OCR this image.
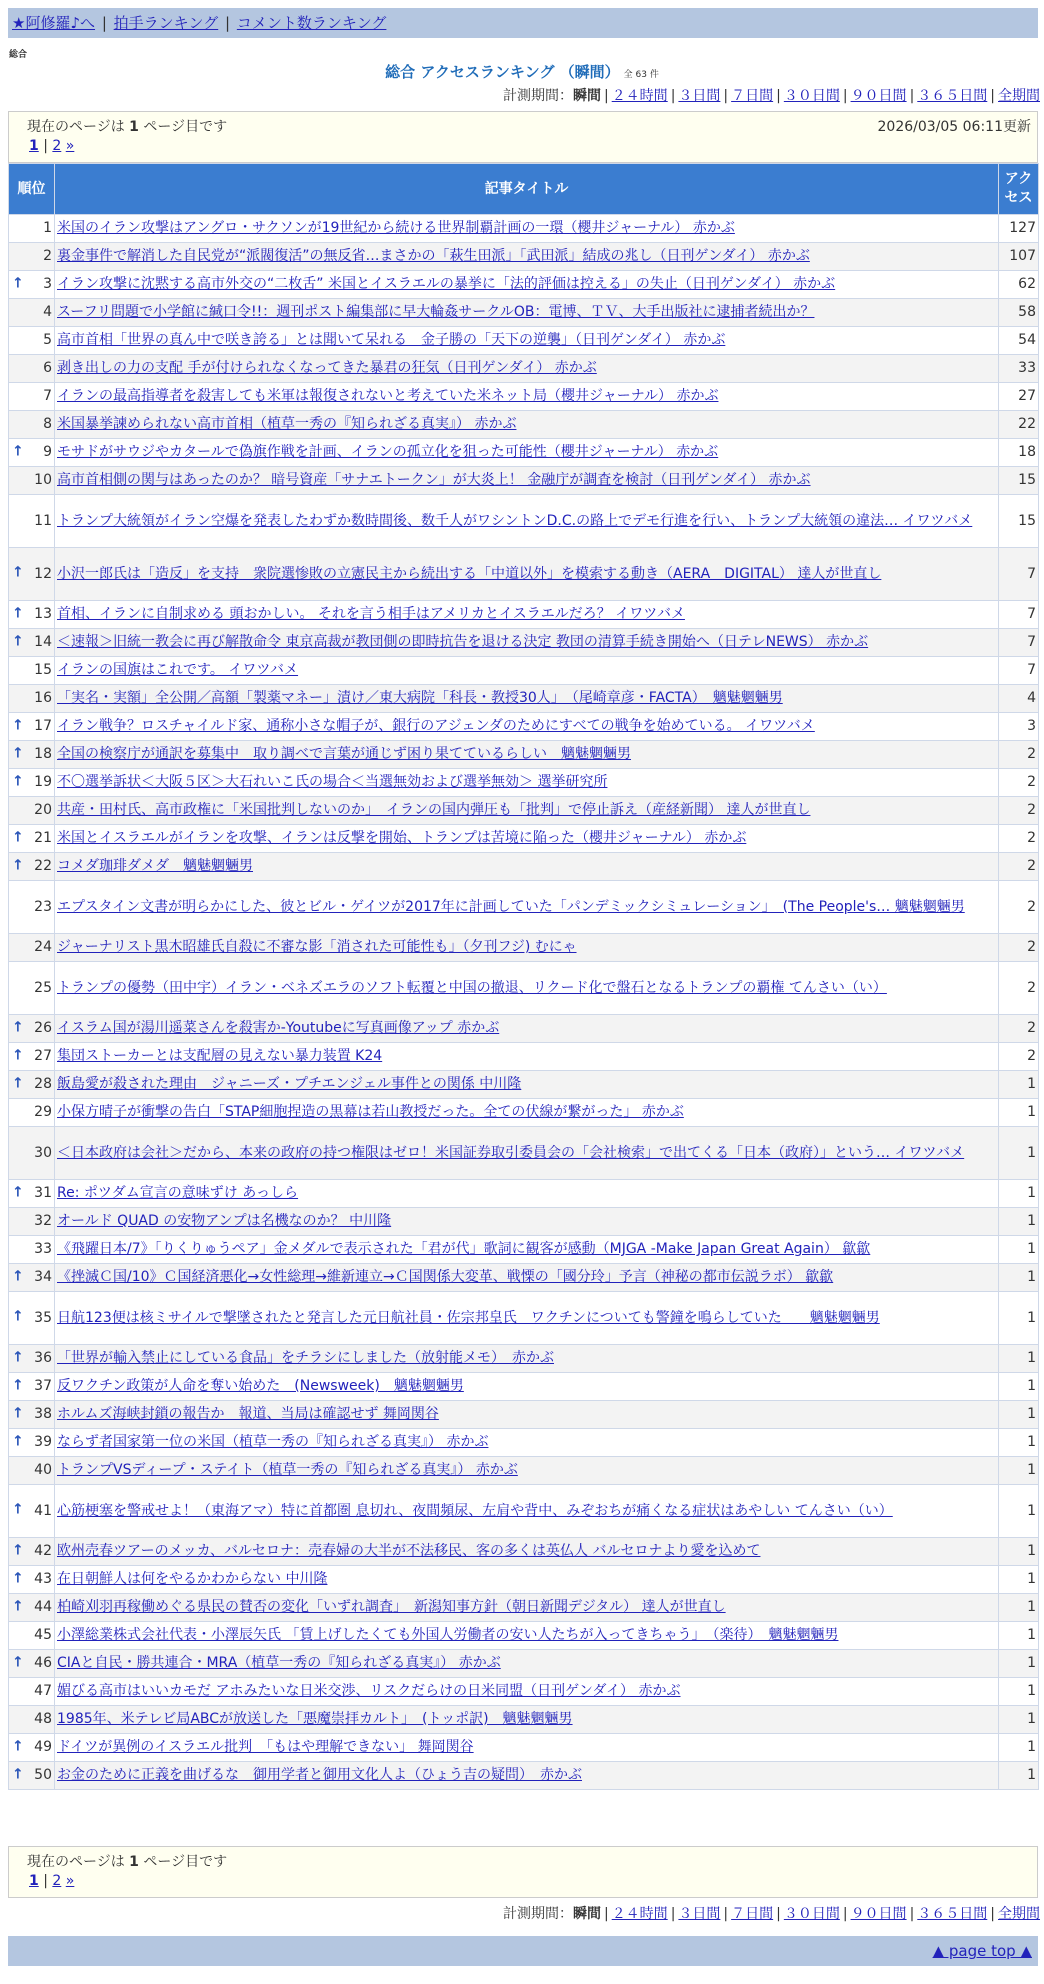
★阿修羅♪へ | 拍手ランキング | コメント数ランキング
総合
総合 アクセスランキング （瞬間） 全 63 件
計測期間：瞬間 | ２４時間 | ３日間 | ７日間 | ３０日間 | ９０日間 | ３６５日間 | 全期間
現在のページは 1 ページ目です	2026/03/05 06:11更新
1 | 2 »
順位	記事タイトル	アクセス
1	米国のイラン攻撃はアングロ・サクソンが19世紀から続ける世界制覇計画の一環（櫻井ジャーナル） 赤かぶ	127
2	裏金事件で解消した自民党が“派閥復活”の無反省…まさかの「萩生田派」「武田派」結成の兆し（日刊ゲンダイ） 赤かぶ	107

↑ 3	イラン攻撃に沈黙する高市外交の“二枚舌” 米国とイスラエルの暴挙に「法的評価は控える」の失止（日刊ゲンダイ） 赤かぶ	62
4	スーフリ問題で小学館に緘口令!!：週刊ポスト編集部に早大輪姦サークルOB：電博、ＴＶ、大手出版社に逮捕者続出か？	58
5	高市首相「世界の真ん中で咲き誇る」とは聞いて呆れる　金子勝の「天下の逆襲」（日刊ゲンダイ） 赤かぶ	54
6	剥き出しの力の支配 手が付けられなくなってきた暴君の狂気（日刊ゲンダイ） 赤かぶ	33
7	イランの最高指導者を殺害しても米軍は報復されないと考えていた米ネット局（櫻井ジャーナル） 赤かぶ	27
8	米国暴挙諫められない高市首相（植草一秀の『知られざる真実』） 赤かぶ	22

↑ 9	モサドがサウジやカタールで偽旗作戦を計画、イランの孤立化を狙った可能性（櫻井ジャーナル） 赤かぶ	18
10	高市首相側の関与はあったのか？ 暗号資産「サナエトークン」が大炎上！ 金融庁が調査を検討（日刊ゲンダイ） 赤かぶ	15
11	トランプ大統領がイラン空爆を発表したわずか数時間後、数千人がワシントンD.C.の路上でデモ行進を行い、トランプ大統領の違法… イワツバメ	15

↑ 12	小沢一郎氏は「造反」を支持　衆院選惨敗の立憲民主から続出する「中道以外」を模索する動き（AERA　DIGITAL） 達人が世直し	7

↑ 13	首相、イランに自制求める 頭おかしい。 それを言う相手はアメリカとイスラエルだろ？ イワツバメ	7

↑ 14	＜速報＞旧統一教会に再び解散命令 東京高裁が教団側の即時抗告を退ける決定 教団の清算手続き開始へ（日テレNEWS） 赤かぶ	7
15	イランの国旗はこれです。 イワツバメ	7
16	「実名・実額」全公開／高額「製薬マネー」漬け／東大病院「科長・教授30人」　（尾崎章彦・FACTA）　魑魅魍魎男	4

↑ 17	イラン戦争？ロスチャイルド家、通称小さな帽子が、銀行のアジェンダのためにすべての戦争を始めている。 イワツバメ	3

↑ 18	全国の検察庁が通訳を募集中　取り調べで言葉が通じず困り果てているらしい　魑魅魍魎男	2

↑ 19	不〇選挙訴状＜大阪５区＞大石れいこ氏の場合＜当選無効および選挙無効＞ 選挙研究所	2
20	共産・田村氏、高市政権に「米国批判しないのか」　イランの国内弾圧も「批判」で停止訴え（産経新聞） 達人が世直し	2

↑ 21	米国とイスラエルがイランを攻撃、イランは反撃を開始、トランプは苦境に陥った（櫻井ジャーナル） 赤かぶ	2

↑ 22	コメダ珈琲ダメダ　魑魅魍魎男	2
23	エプスタイン文書が明らかにした、彼とビル・ゲイツが2017年に計画していた「パンデミックシミュレーション」　(The People's… 魑魅魍魎男	2
24	ジャーナリスト黒木昭雄氏自殺に不審な影「消された可能性も」（夕刊フジ) むにゃ	2
25	トランプの優勢（田中宇）イラン・ベネズエラのソフト転覆と中国の撤退、リクード化で盤石となるトランプの覇権 てんさい（い）	2

↑ 26	イスラム国が湯川遥菜さんを殺害か-Youtubeに写真画像アップ 赤かぶ	2

↑ 27	集団ストーカーとは支配層の見えない暴力装置 K24	2

↑ 28	飯島愛が殺された理由　ジャニーズ・プチエンジェル事件との関係 中川隆	1
29	小保方晴子が衝撃の告白「STAP細胞捏造の黒幕は若山教授だった。全ての伏線が繋がった」 赤かぶ	1
30	＜日本政府は会社＞だから、本来の政府の持つ権限はゼロ！米国証券取引委員会の「会社検索」で出てくる「日本（政府）」という… イワツバメ	1

↑ 31	Re: ポツダム宣言の意味ずけ あっしら	1
32	オールド QUAD の安物アンプは名機なのか？ 中川隆	1
33	《飛躍日本/7》「りくりゅうペア」金メダルで表示された「君が代」歌詞に観客が感動（MJGA -Make Japan Great Again） 歙歙	1

↑ 34	《挫滅Ｃ国/10》Ｃ国経済悪化→女性総理→維新連立→Ｃ国関係大変革、戦慄の「國分玲」予言（神秘の都市伝説ラボ） 歙歙	1

↑ 35	日航123便は核ミサイルで撃墜されたと発言した元日航社員・佐宗邦皇氏　ワクチンについても警鐘を鳴らしていた　　魑魅魍魎男	1

↑ 36	「世界が輸入禁止にしている食品」をチラシにしました（放射能メモ）　赤かぶ	1

↑ 37	反ワクチン政策が人命を奪い始めた　(Newsweek)　魑魅魍魎男	1

↑ 38	ホルムズ海峡封鎖の報告か　報道、当局は確認せず 舞岡関谷	1

↑ 39	ならず者国家第一位の米国（植草一秀の『知られざる真実』） 赤かぶ	1
40	トランプVSディープ・ステイト（植草一秀の『知られざる真実』） 赤かぶ	1

↑ 41	心筋梗塞を警戒せよ！（東海アマ）特に首都圏 息切れ、夜間頻尿、左肩や背中、みぞおちが痛くなる症状はあやしい てんさい（い）	1

↑ 42	欧州売春ツアーのメッカ、バルセロナ：売春婦の大半が不法移民、客の多くは英仏人 バルセロナより愛を込めて	1

↑ 43	在日朝鮮人は何をやるかわからない 中川隆	1

↑ 44	柏崎刈羽再稼働めぐる県民の賛否の変化「いずれ調査」　新潟知事方針（朝日新聞デジタル） 達人が世直し	1
45	小澤総業株式会社代表・小澤辰矢氏 「賃上げしたくても外国人労働者の安い人たちが入ってきちゃう」　（楽待）　魑魅魍魎男	1

↑ 46	CIAと自民・勝共連合・MRA（植草一秀の『知られざる真実』） 赤かぶ	1
47	媚びる高市はいいカモだ アホみたいな日米交渉、リスクだらけの日米同盟（日刊ゲンダイ） 赤かぶ	1
48	1985年、米テレビ局ABCが放送した「悪魔崇拝カルト」　(トッポ訳)　魑魅魍魎男	1

↑ 49	ドイツが異例のイスラエル批判　「もはや理解できない」 舞岡関谷	1

↑ 50	お金のために正義を曲げるな　御用学者と御用文化人よ（ひょう吉の疑問）　赤かぶ	1
現在のページは 1 ページ目です
1 | 2 »
計測期間：瞬間 | ２４時間 | ３日間 | ７日間 | ３０日間 | ９０日間 | ３６５日間 | 全期間
▲ page top ▲
